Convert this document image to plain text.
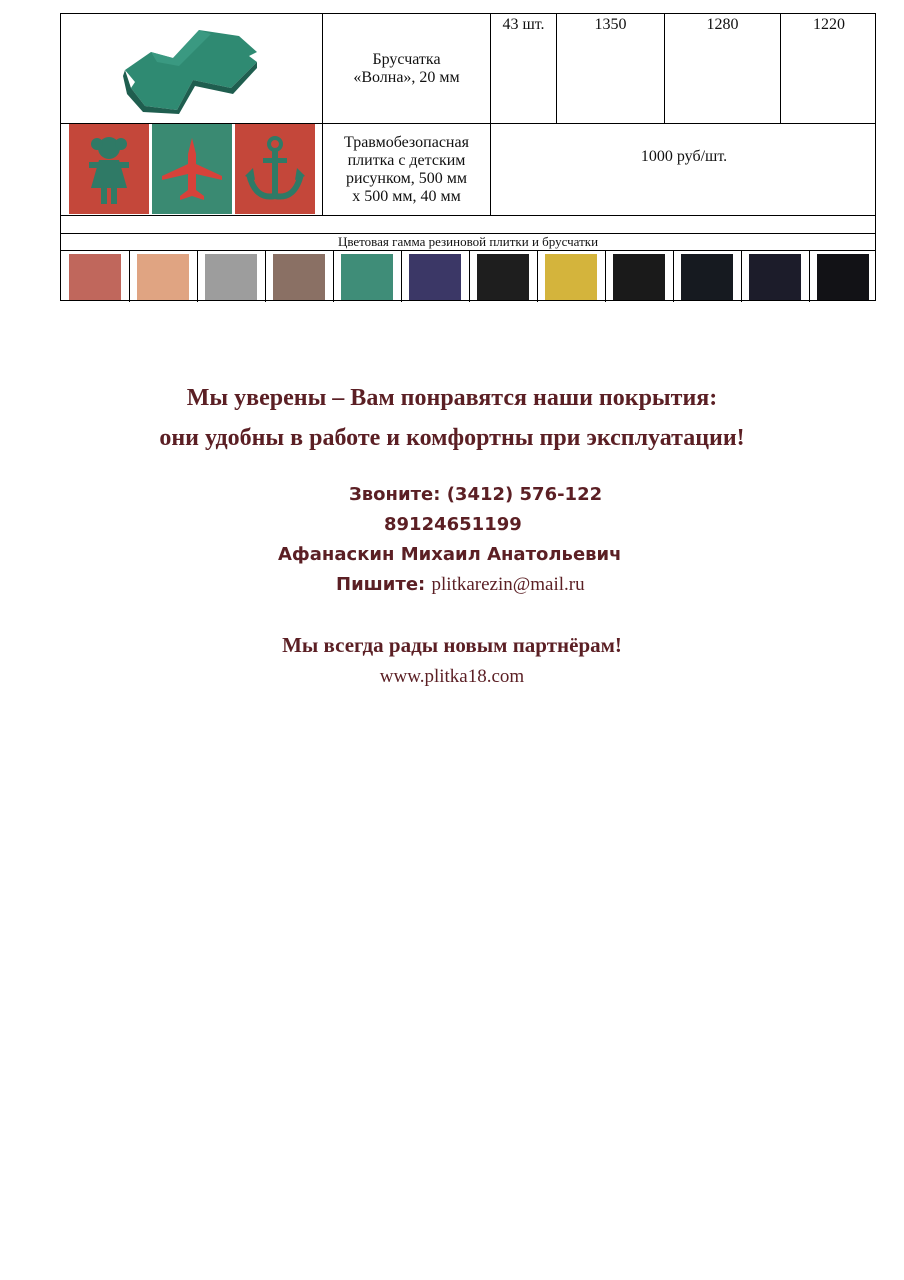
Брусчатка
«Волна», 20 мм
43 шт.	1350	1280	1220
Травмобезопасная
плитка с детским
рисунком, 500 мм
х 500 мм, 40 мм
1000 руб/шт.
Цветовая гамма резиновой плитки и брусчатки
Мы уверены – Вам понравятся наши покрытия:
они удобны в работе и комфортны при эксплуатации!
Звоните: (3412) 576-122
89124651199
Афанаскин Михаил Анатольевич
Пишите: plitkarezin@mail.ru
Мы всегда рады новым партнёрам!
www.plitka18.com
